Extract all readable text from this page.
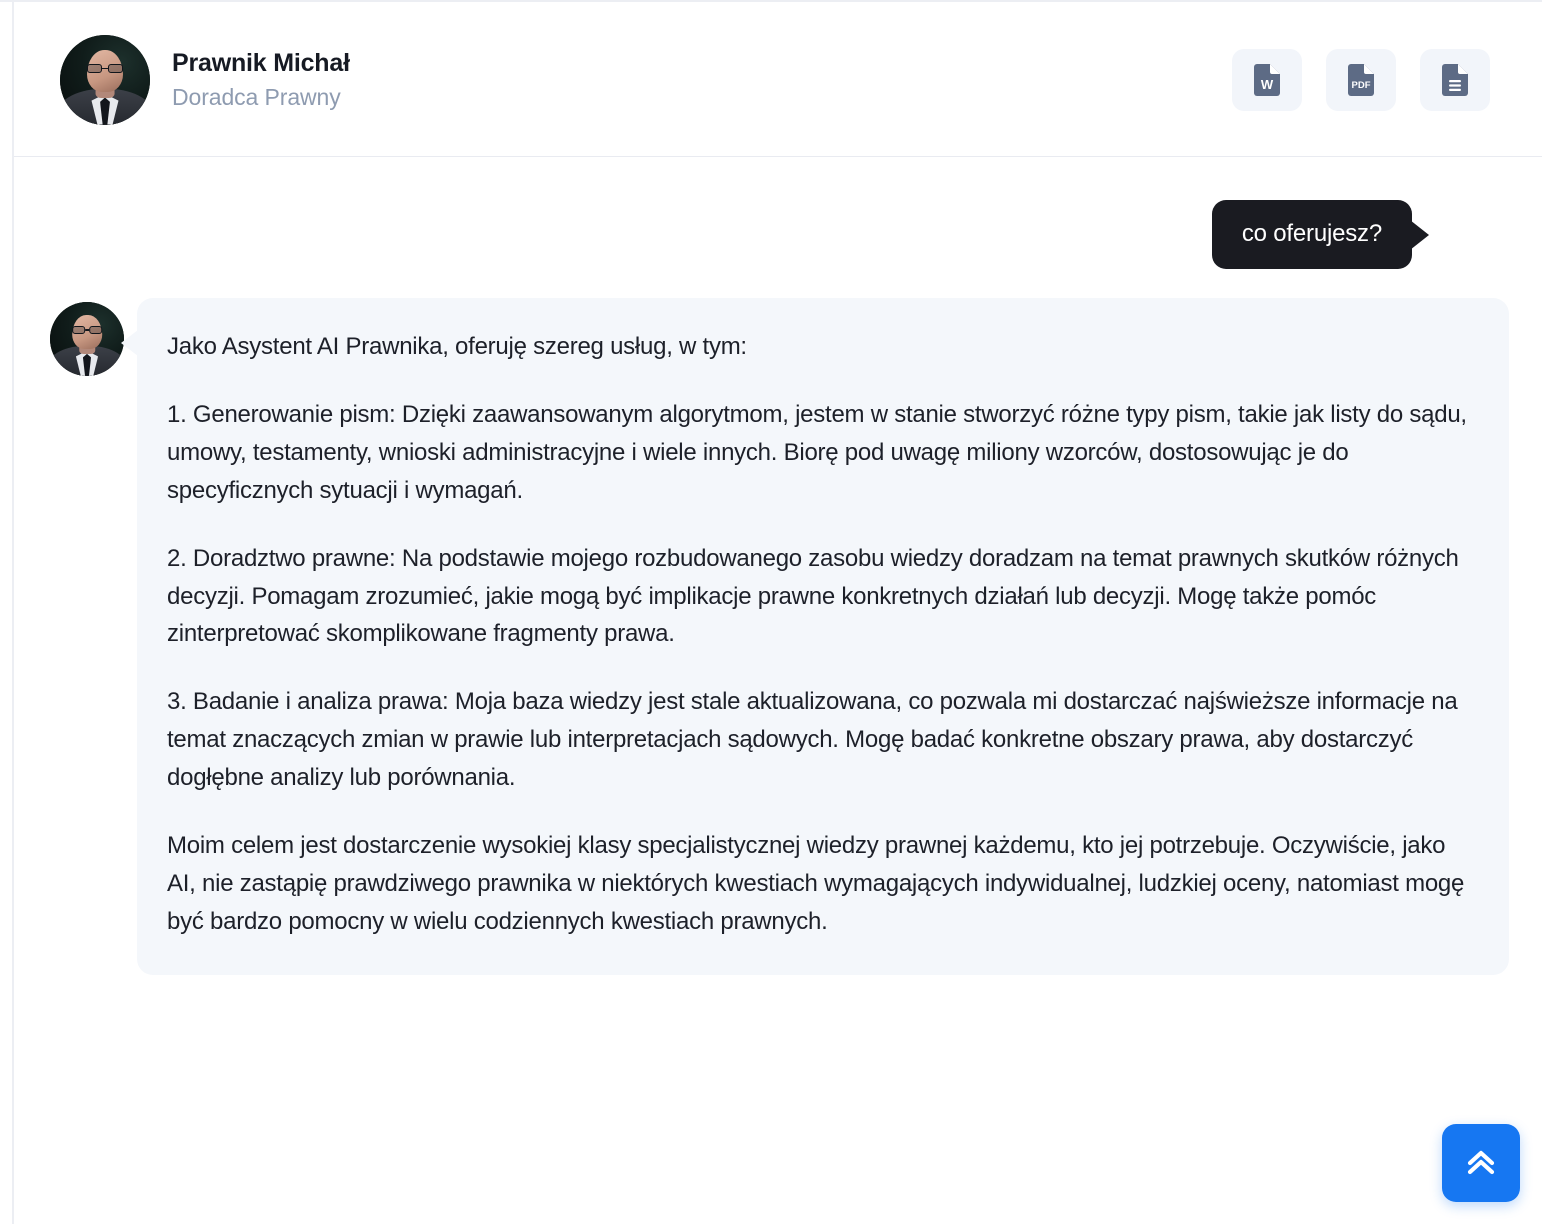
Prawnik Michał
Doradca Prawny	W	PDF
co oferujesz?

Jako Asystent AI Prawnika, oferuję szereg usług, w tym:

1. Generowanie pism: Dzięki zaawansowanym algorytmom, jestem w stanie stworzyć różne typy pism, takie jak listy do sądu, umowy, testamenty, wnioski administracyjne i wiele innych. Biorę pod uwagę miliony wzorców, dostosowując je do specyficznych sytuacji i wymagań.

2. Doradztwo prawne: Na podstawie mojego rozbudowanego zasobu wiedzy doradzam na temat prawnych skutków różnych decyzji. Pomagam zrozumieć, jakie mogą być implikacje prawne konkretnych działań lub decyzji. Mogę także pomóc zinterpretować skomplikowane fragmenty prawa.

3. Badanie i analiza prawa: Moja baza wiedzy jest stale aktualizowana, co pozwala mi dostarczać najświeższe informacje na temat znaczących zmian w prawie lub interpretacjach sądowych. Mogę badać konkretne obszary prawa, aby dostarczyć dogłębne analizy lub porównania.

Moim celem jest dostarczenie wysokiej klasy specjalistycznej wiedzy prawnej każdemu, kto jej potrzebuje. Oczywiście, jako AI, nie zastąpię prawdziwego prawnika w niektórych kwestiach wymagających indywidualnej, ludzkiej oceny, natomiast mogę być bardzo pomocny w wielu codziennych kwestiach prawnych.
